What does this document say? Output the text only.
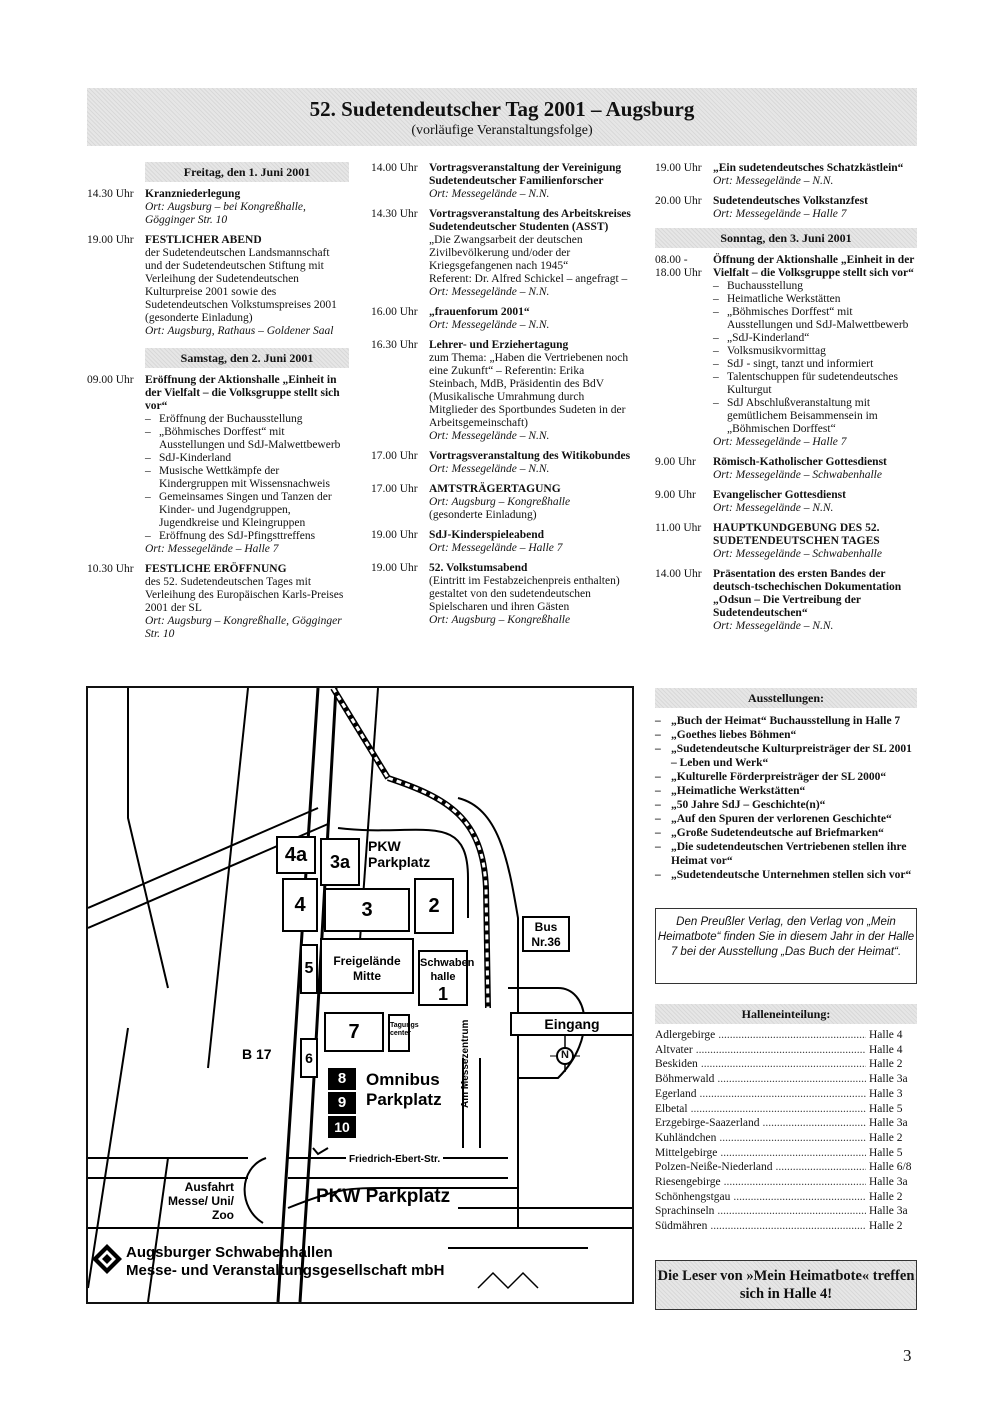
52. Sudetendeutscher Tag 2001 – Augsburg
(vorläufige Veranstaltungsfolge)
Freitag, den 1. Juni 2001
14.30 Uhr Kranzniederlegung
Ort: Augsburg – bei Kongreßhalle, Gögginger Str. 10
19.00 Uhr FESTLICHER ABEND
der Sudetendeutschen Landsmannschaft und der Sudetendeutschen Stiftung mit Verleihung der Sudetendeutschen Kulturpreise 2001 sowie des Sudetendeutschen Volkstumspreises 2001 (gesonderte Einladung)
Ort: Augsburg, Rathaus – Goldener Saal
Samstag, den 2. Juni 2001
09.00 Uhr Eröffnung der Aktionshalle „Einheit in der Vielfalt – die Volksgruppe stellt sich vor“
– Eröffnung der Buchausstellung
– „Böhmisches Dorffest“ mit Ausstellungen und SdJ-Malwettbewerb
– SdJ-Kinderland
– Musische Wettkämpfe der Kindergruppen mit Wissensnachweis
– Gemeinsames Singen und Tanzen der Kinder- und Jugendgruppen, Jugendkreise und Kleingruppen
– Eröffnung des SdJ-Pfingsttreffens
Ort: Messegelände – Halle 7
10.30 Uhr FESTLICHE ERÖFFNUNG
des 52. Sudetendeutschen Tages mit Verleihung des Europäischen Karls-Preises 2001 der SL
Ort: Augsburg – Kongreßhalle, Gögginger Str. 10
14.00 Uhr Vortragsveranstaltung der Vereinigung Sudetendeutscher Familienforscher
Ort: Messegelände – N.N.
14.30 Uhr Vortragsveranstaltung des Arbeitskreises Sudetendeutscher Studenten (ASST)
„Die Zwangsarbeit der deutschen Zivilbevölkerung und/oder der Kriegsgefangenen nach 1945“
Referent: Dr. Alfred Schickel – angefragt –
Ort: Messegelände – N.N.
16.00 Uhr „frauenforum 2001“
Ort: Messegelände – N.N.
16.30 Uhr Lehrer- und Erziehertagung
zum Thema: „Haben die Vertriebenen noch eine Zukunft“ – Referentin: Erika Steinbach, MdB, Präsidentin des BdV (Musikalische Umrahmung durch Mitglieder des Sportbundes Sudeten in der Arbeitsgemeinschaft)
Ort: Messegelände – N.N.
17.00 Uhr Vortragsveranstaltung des Witikobundes
Ort: Messegelände – N.N.
17.00 Uhr AMTSTRÄGERTAGUNG
Ort: Augsburg – Kongreßhalle
(gesonderte Einladung)
19.00 Uhr SdJ-Kinderspieleabend
Ort: Messegelände – Halle 7
19.00 Uhr 52. Volkstumsabend
(Eintritt im Festabzeichenpreis enthalten) gestaltet von den sudetendeutschen Spielscharen und ihren Gästen
Ort: Augsburg – Kongreßhalle
19.00 Uhr „Ein sudetendeutsches Schatzkästlein“
Ort: Messegelände – N.N.
20.00 Uhr Sudetendeutsches Volkstanzfest
Ort: Messegelände – Halle 7
Sonntag, den 3. Juni 2001
08.00 - 18.00 Uhr
Öffnung der Aktionshalle „Einheit in der Vielfalt – die Volksgruppe stellt sich vor“
– Buchausstellung
– Heimatliche Werkstätten
– „Böhmisches Dorffest“ mit Ausstellungen und SdJ-Malwettbewerb
– „SdJ-Kinderland“
– Volksmusikvormittag
– SdJ - singt, tanzt und informiert
– Talentschuppen für sudetendeutsches Kulturgut
– SdJ Abschlußveranstaltung mit gemütlichem Beisammensein im „Böhmischen Dorffest“
Ort: Messegelände – Halle 7
9.00 Uhr	Römisch-Katholischer Gottesdienst
Ort: Messegelände – Schwabenhalle
9.00 Uhr	Evangelischer Gottesdienst
Ort: Messegelände – N.N.
11.00 Uhr	HAUPTKUNDGEBUNG DES 52. SUDETENDEUTSCHEN TAGES
Ort: Messegelände – Schwabenhalle
14.00 Uhr Präsentation des ersten Bandes der deutsch-tschechischen Dokumentation „Odsun – Die Vertreibung der Sudetendeutschen“
Ort: Messegelände – N.N.
4a	3a
PKW Parkplatz
4	3	2
Bus Nr.36
Schwaben halle
1
Freigelände Mitte
5
7	Tagungs center
Eingang
B 17	6
8
9
10
Omnibus Parkplatz	Am Messezentrum	N
Friedrich-Ebert-Str.
Ausfahrt Messe/ Uni/ Zoo
PKW Parkplatz
Augsburger Schwabenhallen
Messe- und Veranstaltungsgesellschaft mbH
Ausstellungen:
– „Buch der Heimat“ Buchausstellung in Halle 7
– „Goethes liebes Böhmen“
– „Sudetendeutsche Kulturpreisträger der SL 2001 – Leben und Werk“
– „Kulturelle Förderpreisträger der SL 2000“
– „Heimatliche Werkstätten“
– „50 Jahre SdJ – Geschichte(n)“
– „Auf den Spuren der verlorenen Geschichte“
– „Große Sudetendeutsche auf Briefmarken“
– „Die sudetendeutschen Vertriebenen stellen ihre Heimat vor“
– „Sudetendeutsche Unternehmen stellen sich vor“
Den Preußler Verlag, den Verlag von „Mein Heimatbote“ finden Sie in diesem Jahr in der Halle 7 bei der Ausstellung „Das Buch der Heimat“.
Halleneinteilung:
Adlergebirge .....	Halle 4
Altvater .....	Halle 4
Beskiden .....	Halle 2
Böhmerwald .....	Halle 3a
Egerland .....	Halle 3
Elbetal .....	Halle 5
Erzgebirge-Saazerland .....	Halle 3a
Kuhländchen .....	Halle 2
Mittelgebirge .....	Halle 5
Polzen-Neiße-Niederland .....	Halle 6/8
Riesengebirge .....	Halle 3a
Schönhengstgau .....	Halle 2
Sprachinseln .....	Halle 3a
Südmähren .....	Halle 2
Die Leser von »Mein Heimatbote« treffen sich in Halle 4!
3
